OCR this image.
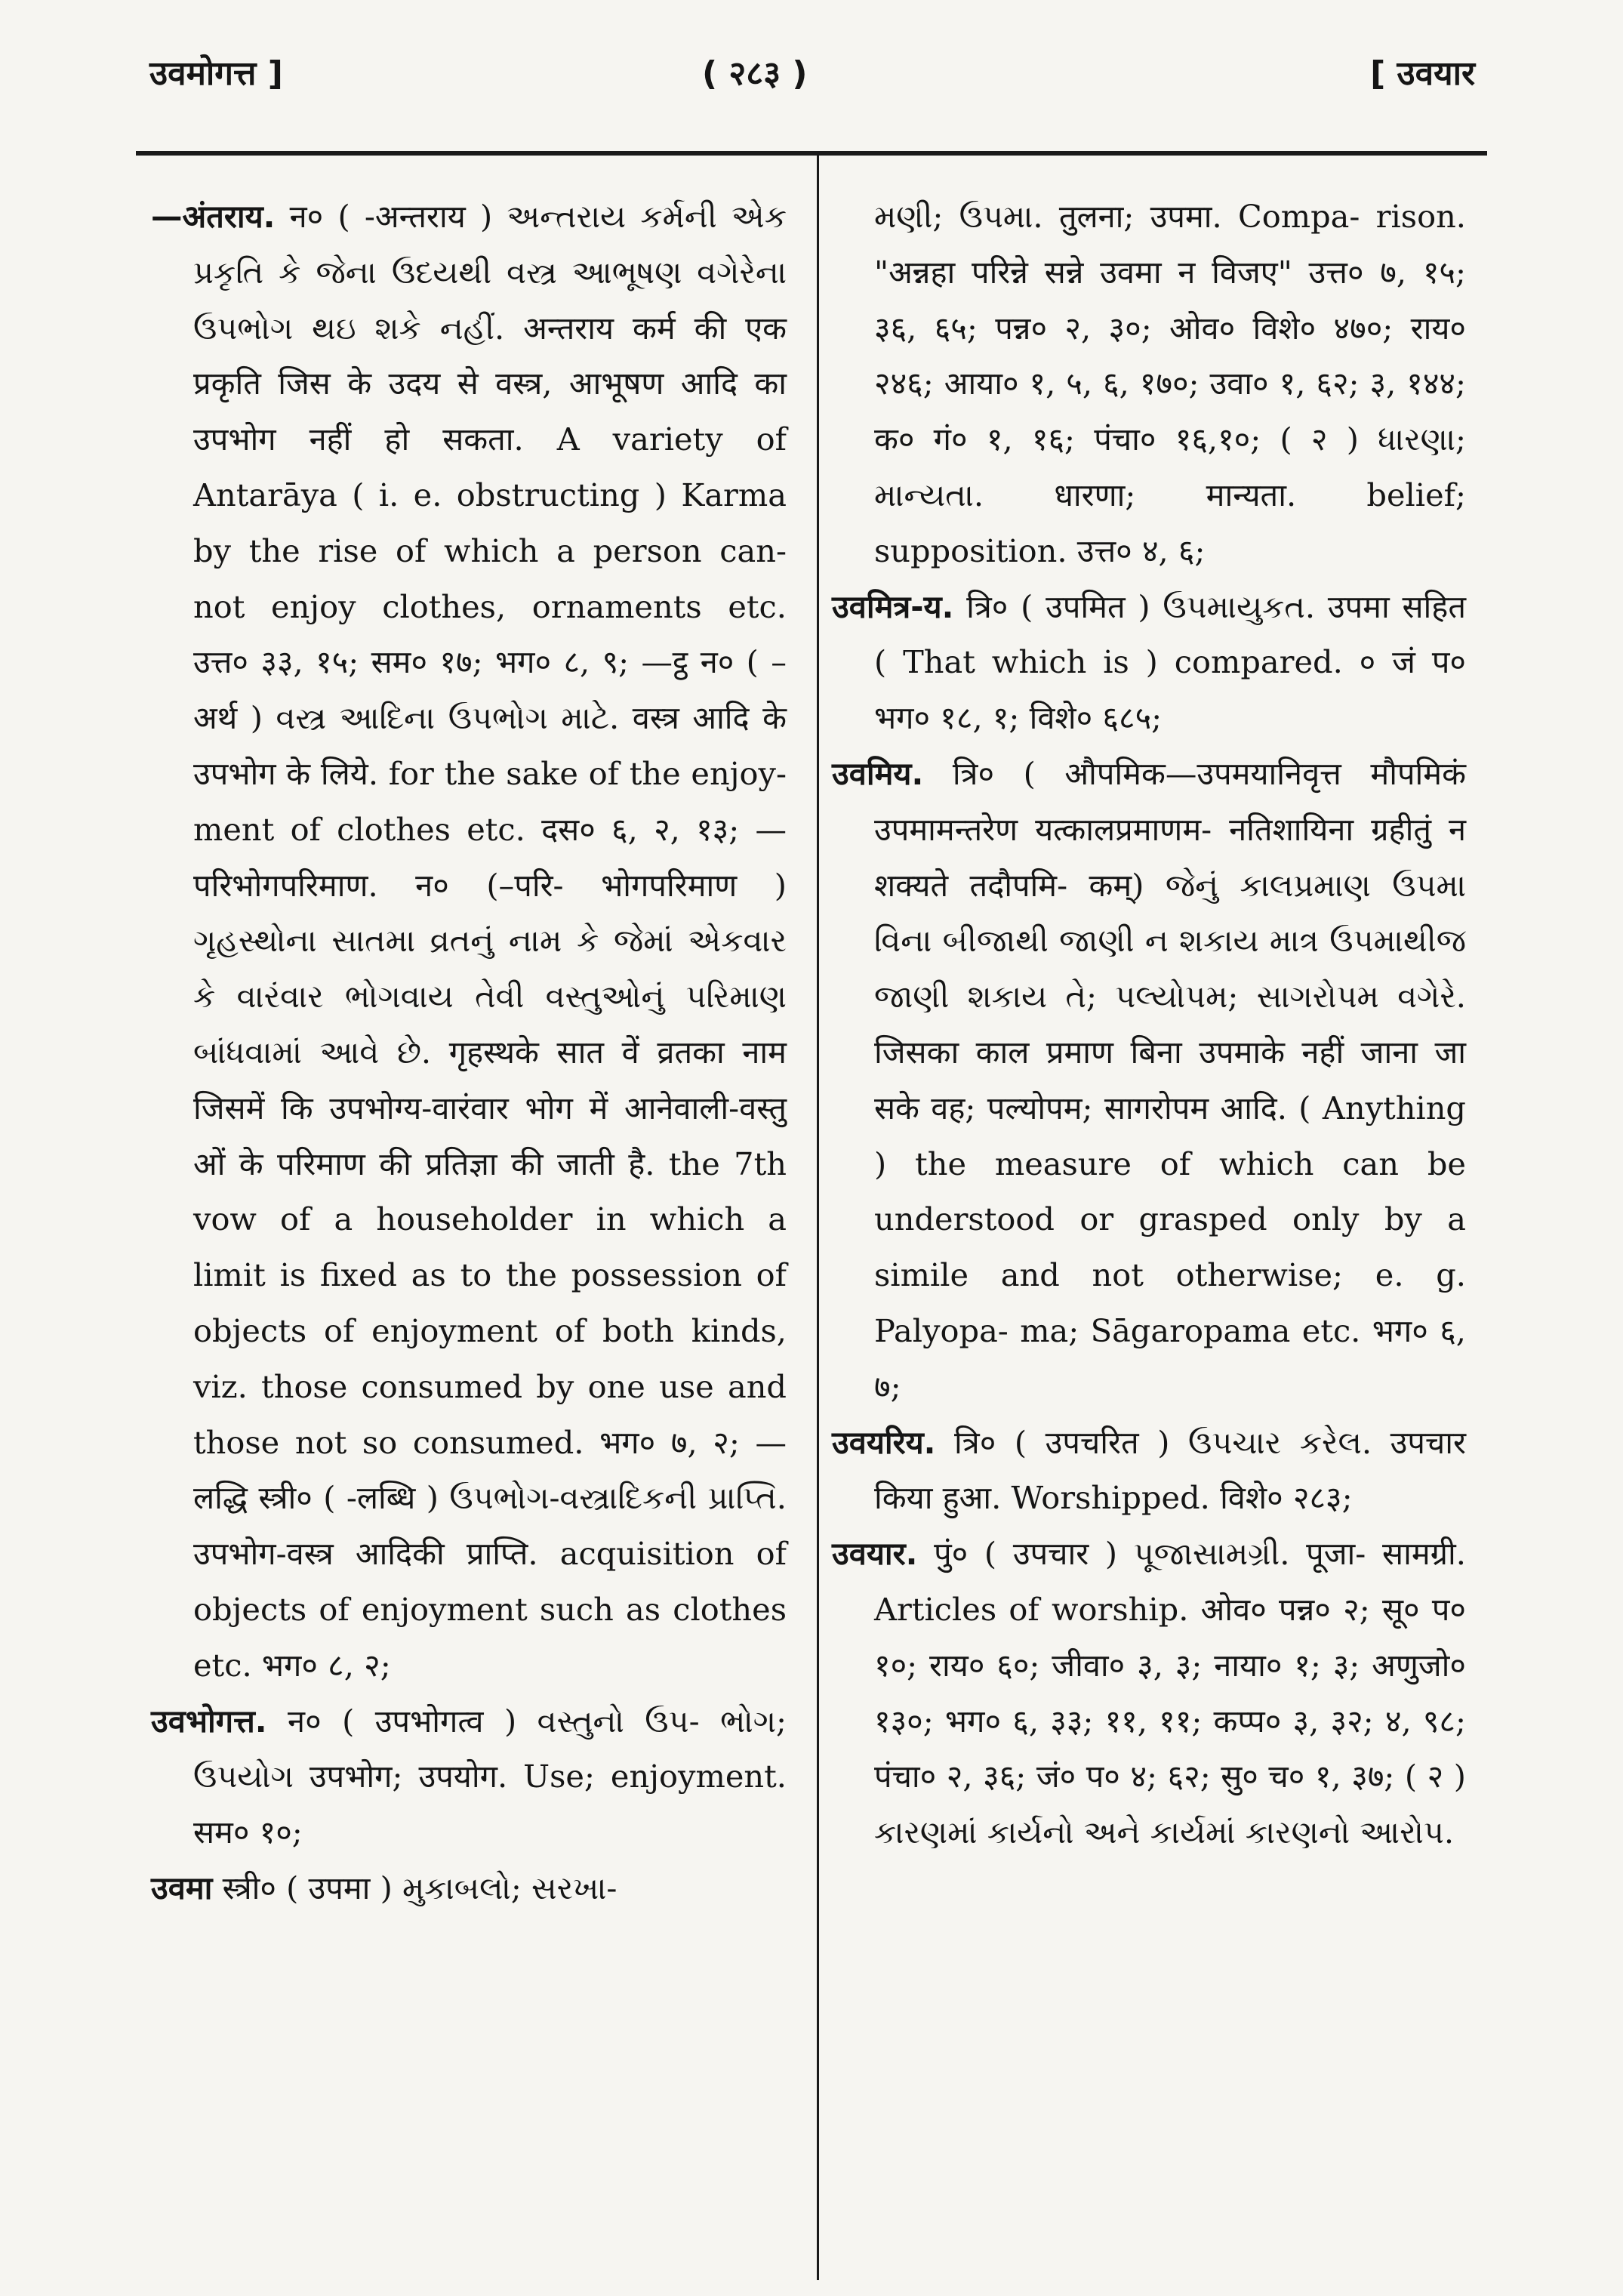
उवमोगत्त ]	( २८३ )	[ उवयार

—अंतराय. न० ( -अन्तराय ) અન્તરાય કર્મની એક પ્રકૃતિ કે જેના ઉદયથી વસ્ત્ર આભૂષણ વગેરેના ઉપભોગ થઇ શકે નહીં. अन्तराय कर्म की एक प्रकृति जिस के उदय से वस्त्र, आभूषण आदि का उपभोग नहीं हो सकता. A variety of Antarāya ( i. e. obstructing ) Karma by the rise of which a person can- not enjoy clothes, ornaments etc. उत्त० ३३, १५; सम० १७; भग० ८, ९; —ट्ठ न० ( –अर्थ ) વસ્ત્ર આદિના ઉપભોગ માટે. वस्त्र आदि के उपभोग के लिये. for the sake of the enjoy- ment of clothes etc. दस० ६, २, १३; —परिभोगपरिमाण. न० (–परि- भोगपरिमाण ) ગૃહસ્થોના સાતમા વ્રતનું નામ કે જેમાં એકવાર કે વારંવાર ભોગવાય તેવી વસ્તુઓનું પરિમાણ બાંધવામાં આવે છે. गृहस्थके सात वें व्रतका नाम जिसमें कि उपभोग्य-वारंवार भोग में आनेवाली-वस्तु ओं के परिमाण की प्रतिज्ञा की जाती है. the 7th vow of a householder in which a limit is fixed as to the possession of objects of enjoyment of both kinds, viz. those consumed by one use and those not so consumed. भग० ७, २; —लद्धि स्त्री० ( -लब्धि ) ઉપભોગ-વસ્ત્રાદિકની પ્રાપ્તિ. उपभोग-वस्त्र आदिकी प्राप्ति. acquisition of objects of enjoyment such as clothes etc. भग० ८, २;

उवभोगत्त. न० ( उपभोगत्व ) વસ્તુનો ઉપ- ભોગ; ઉપયોગ उपभोग; उपयोग. Use; enjoyment. सम० १०;

उवमा स्त्री० ( उपमा ) મુકાબલો; સરખા-

મણી; ઉપમા. तुलना; उपमा. Compa- rison. "अन्नहा परिन्ने सन्ने उवमा न विजए" उत्त० ७, १५; ३६, ६५; पन्न० २, ३०; ओव० विशे० ४७०; राय० २४६; आया० १, ५, ६, १७०; उवा० १, ६२; ३, १४४; क० गं० १, १६; पंचा० १६,१०; ( २ ) ધારણા; માન્યતા. धारणा; मान्यता. belief; supposition. उत्त० ४, ६;

उवमित्र-य. त्रि० ( उपमित ) ઉપમાયુકત. उपमा सहित ( That which is ) compared. ० जं प० भग० १८, १; विशे० ६८५;

उवमिय. त्रि० ( औपमिक—उपमयानिवृत्त मौपमिकं उपमामन्तरेण यत्कालप्रमाणम- नतिशायिना ग्रहीतुं न शक्यते तदौपमि- कम्) જેનું કાલપ્રમાણ ઉપમા વિના બીજાથી જાણી ન શકાય માત્ર ઉપમાથીજ જાણી શકાય તે; પલ્યોપમ; સાગરોપમ વગેરે. जिसका काल प्रमाण बिना उपमाके नहीं जाना जा सके वह; पल्योपम; सागरोपम आदि. ( Anything ) the measure of which can be understood or grasped only by a simile and not otherwise; e. g. Palyopa- ma; Sāgaropama etc. भग० ६, ७;

उवयरिय. त्रि० ( उपचरित ) ઉપચાર કરેલ. उपचार किया हुआ. Worshipped. विशे० २८३;

उवयार. पुं० ( उपचार ) પૂજાસામગ્રી. पूजा- सामग्री. Articles of worship. ओव० पन्न० २; सू० प० १०; राय० ६०; जीवा० ३, ३; नाया० १; ३; अणुजो० १३०; भग० ६, ३३; ११, ११; कप्प० ३, ३२; ४, ९८; पंचा० २, ३६; जं० प० ४; ६२; सु० च० १, ३७; ( २ ) કારણમાં કાર્યનો અને કાર્યમાં કારણનો આરોપ.
